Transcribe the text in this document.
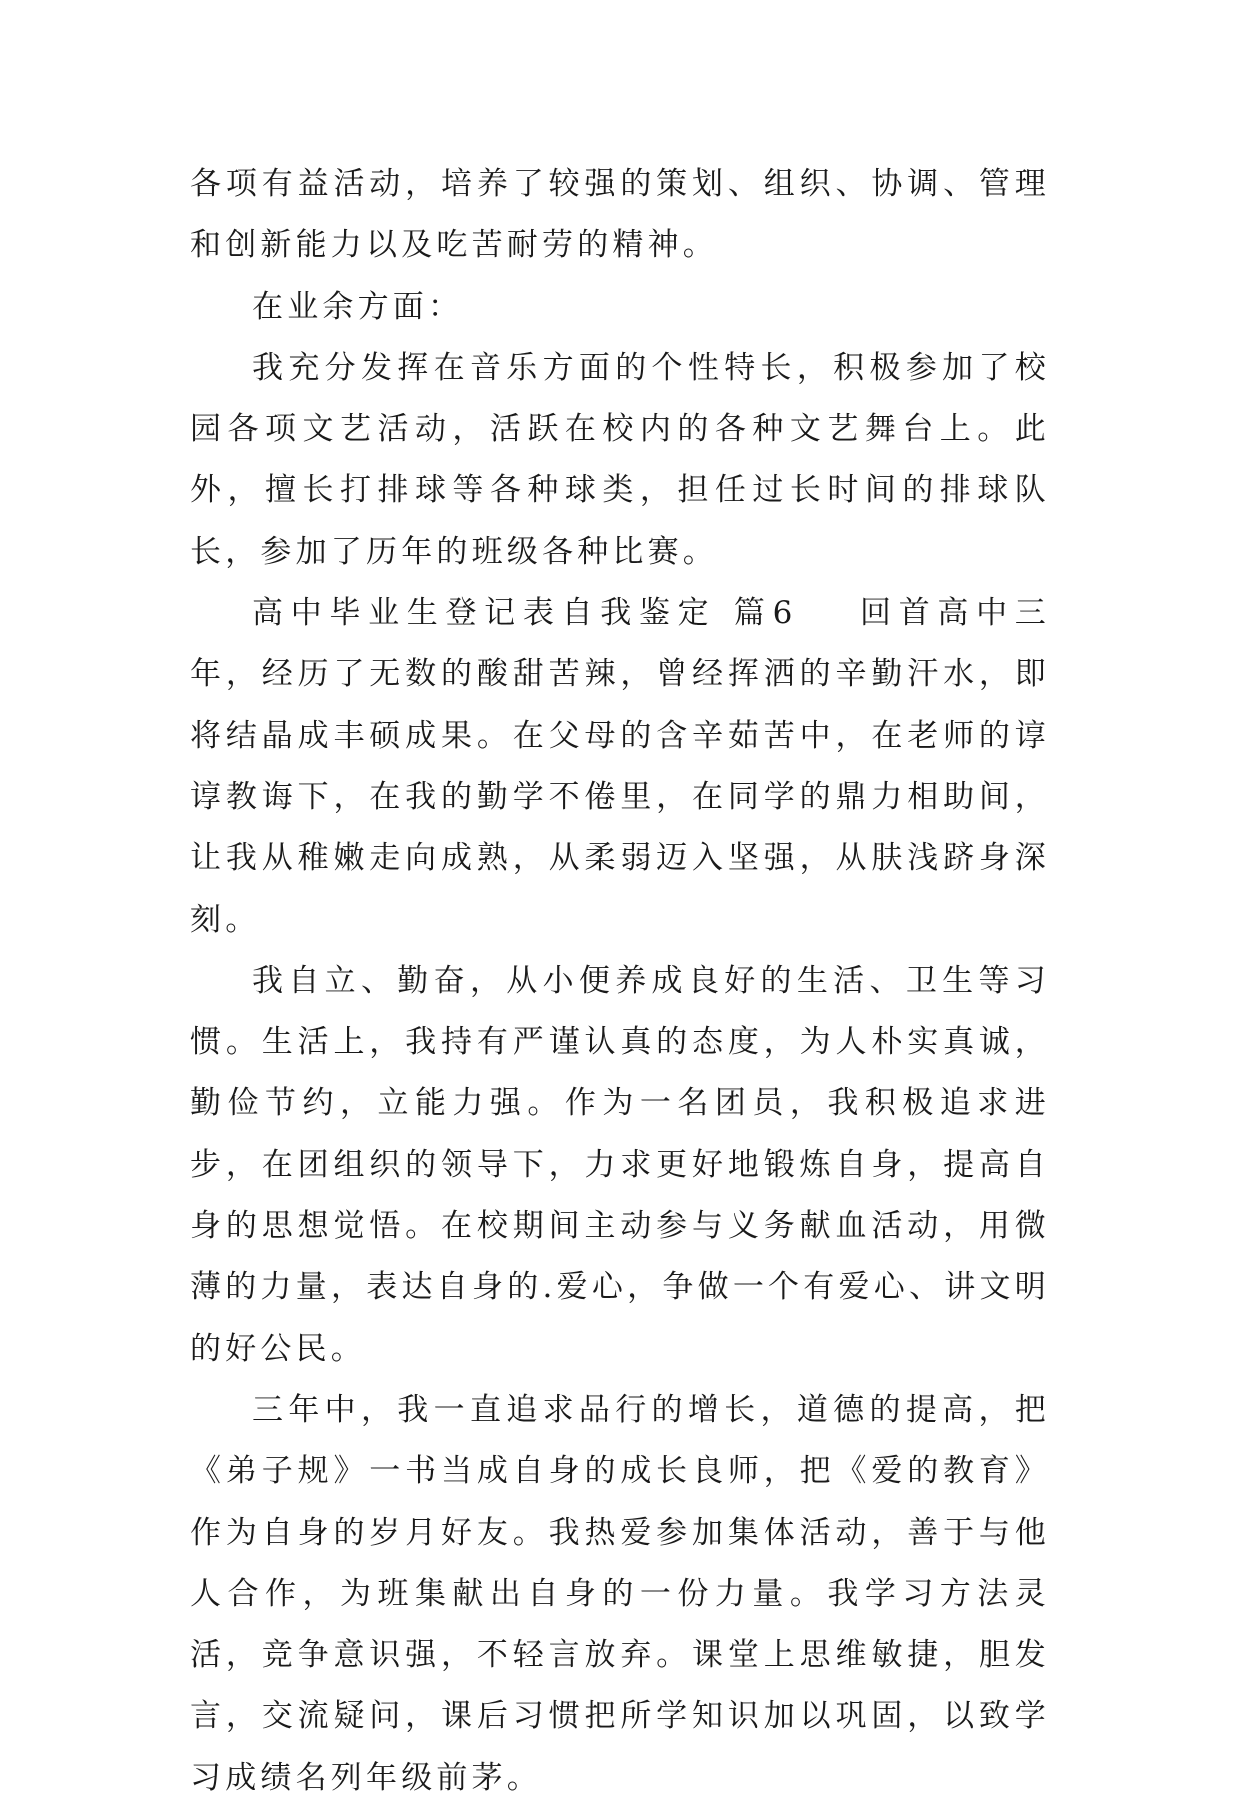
各项有益活动，培养了较强的策划、组织、协调、管理和创新能力以及吃苦耐劳的精神。

在业余方面：

我充分发挥在音乐方面的个性特长，积极参加了校园各项文艺活动，活跃在校内的各种文艺舞台上。此外，擅长打排球等各种球类，担任过长时间的排球队长，参加了历年的班级各种比赛。

高中毕业生登记表自我鉴定 篇6 回首高中三年，经历了无数的酸甜苦辣，曾经挥洒的辛勤汗水，即将结晶成丰硕成果。在父母的含辛茹苦中，在老师的谆谆教诲下，在我的勤学不倦里，在同学的鼎力相助间，让我从稚嫩走向成熟，从柔弱迈入坚强，从肤浅跻身深刻。

我自立、勤奋，从小便养成良好的生活、卫生等习惯。生活上，我持有严谨认真的态度，为人朴实真诚，勤俭节约，立能力强。作为一名团员，我积极追求进步，在团组织的领导下，力求更好地锻炼自身，提高自身的思想觉悟。在校期间主动参与义务献血活动，用微薄的力量，表达自身的.爱心，争做一个有爱心、讲文明的好公民。

三年中，我一直追求品行的增长，道德的提高，把《弟子规》一书当成自身的成长良师，把《爱的教育》作为自身的岁月好友。我热爱参加集体活动，善于与他人合作，为班集献出自身的一份力量。我学习方法灵活，竞争意识强，不轻言放弃。课堂上思维敏捷，胆发言，交流疑问，课后习惯把所学知识加以巩固，以致学习成绩名列年级前茅。
